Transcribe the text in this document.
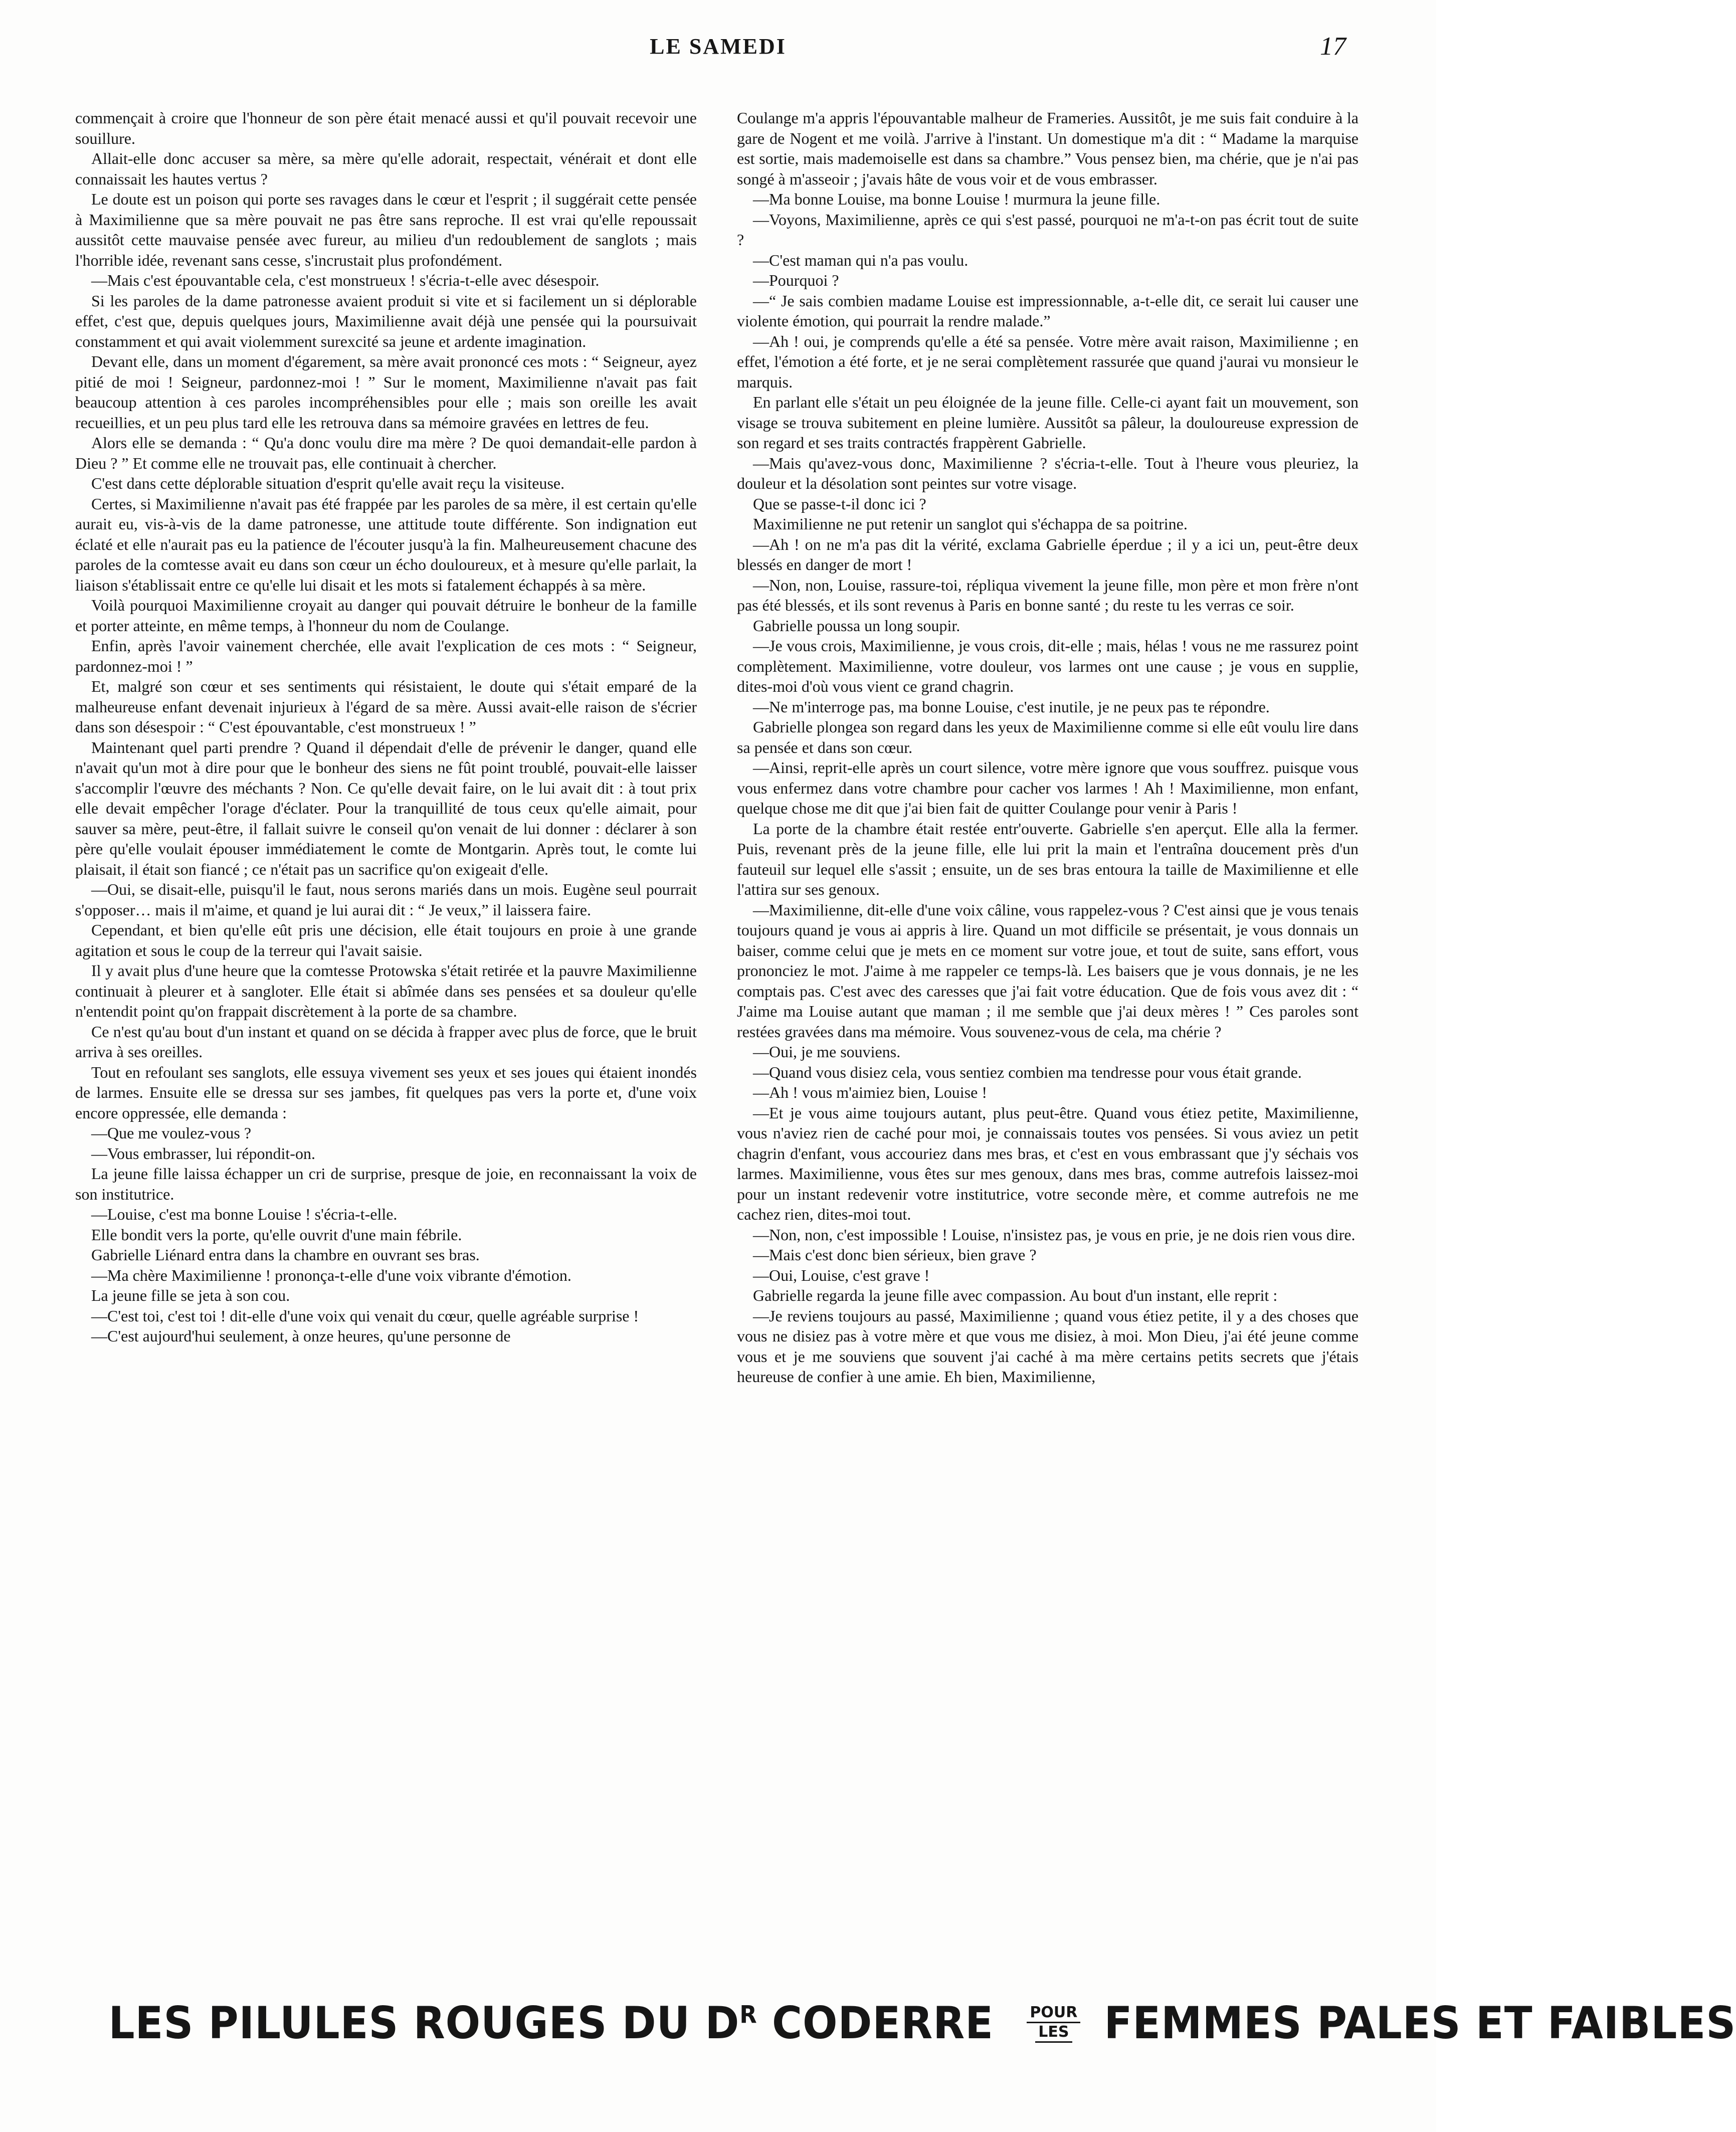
LE SAMEDI	17

commençait à croire que l'honneur de son père était menacé aussi et qu'il pouvait recevoir une souillure.

Allait-elle donc accuser sa mère, sa mère qu'elle adorait, respectait, vénérait et dont elle connaissait les hautes vertus ?

Le doute est un poison qui porte ses ravages dans le cœur et l'esprit ; il suggérait cette pensée à Maximilienne que sa mère pouvait ne pas être sans reproche. Il est vrai qu'elle repoussait aussitôt cette mauvaise pensée avec fureur, au milieu d'un redoublement de sanglots ; mais l'horrible idée, revenant sans cesse, s'incrustait plus profondément.

—Mais c'est épouvantable cela, c'est monstrueux ! s'écria-t-elle avec désespoir.

Si les paroles de la dame patronesse avaient produit si vite et si facilement un si déplorable effet, c'est que, depuis quelques jours, Maximilienne avait déjà une pensée qui la poursuivait constamment et qui avait violemment surexcité sa jeune et ardente imagination.

Devant elle, dans un moment d'égarement, sa mère avait prononcé ces mots : “ Seigneur, ayez pitié de moi ! Seigneur, pardonnez-moi ! ” Sur le moment, Maximilienne n'avait pas fait beaucoup attention à ces paroles incompréhensibles pour elle ; mais son oreille les avait recueillies, et un peu plus tard elle les retrouva dans sa mémoire gravées en lettres de feu.

Alors elle se demanda : “ Qu'a donc voulu dire ma mère ? De quoi demandait-elle pardon à Dieu ? ” Et comme elle ne trouvait pas, elle continuait à chercher.

C'est dans cette déplorable situation d'esprit qu'elle avait reçu la visiteuse.

Certes, si Maximilienne n'avait pas été frappée par les paroles de sa mère, il est certain qu'elle aurait eu, vis-à-vis de la dame patronesse, une attitude toute différente. Son indignation eut éclaté et elle n'aurait pas eu la patience de l'écouter jusqu'à la fin. Malheureusement chacune des paroles de la comtesse avait eu dans son cœur un écho douloureux, et à mesure qu'elle parlait, la liaison s'établissait entre ce qu'elle lui disait et les mots si fatalement échappés à sa mère.

Voilà pourquoi Maximilienne croyait au danger qui pouvait détruire le bonheur de la famille et porter atteinte, en même temps, à l'honneur du nom de Coulange.

Enfin, après l'avoir vainement cherchée, elle avait l'explication de ces mots : “ Seigneur, pardonnez-moi ! ”

Et, malgré son cœur et ses sentiments qui résistaient, le doute qui s'était emparé de la malheureuse enfant devenait injurieux à l'égard de sa mère. Aussi avait-elle raison de s'écrier dans son désespoir : “ C'est épouvantable, c'est monstrueux ! ”

Maintenant quel parti prendre ? Quand il dépendait d'elle de prévenir le danger, quand elle n'avait qu'un mot à dire pour que le bonheur des siens ne fût point troublé, pouvait-elle laisser s'accomplir l'œuvre des méchants ? Non. Ce qu'elle devait faire, on le lui avait dit : à tout prix elle devait empêcher l'orage d'éclater. Pour la tranquillité de tous ceux qu'elle aimait, pour sauver sa mère, peut-être, il fallait suivre le conseil qu'on venait de lui donner : déclarer à son père qu'elle voulait épouser immédiatement le comte de Montgarin. Après tout, le comte lui plaisait, il était son fiancé ; ce n'était pas un sacrifice qu'on exigeait d'elle.

—Oui, se disait-elle, puisqu'il le faut, nous serons mariés dans un mois. Eugène seul pourrait s'opposer… mais il m'aime, et quand je lui aurai dit : “ Je veux,” il laissera faire.

Cependant, et bien qu'elle eût pris une décision, elle était toujours en proie à une grande agitation et sous le coup de la terreur qui l'avait saisie.

Il y avait plus d'une heure que la comtesse Protowska s'était retirée et la pauvre Maximilienne continuait à pleurer et à sangloter. Elle était si abîmée dans ses pensées et sa douleur qu'elle n'entendit point qu'on frappait discrètement à la porte de sa chambre.

Ce n'est qu'au bout d'un instant et quand on se décida à frapper avec plus de force, que le bruit arriva à ses oreilles.

Tout en refoulant ses sanglots, elle essuya vivement ses yeux et ses joues qui étaient inondés de larmes. Ensuite elle se dressa sur ses jambes, fit quelques pas vers la porte et, d'une voix encore oppressée, elle demanda :

—Que me voulez-vous ?

—Vous embrasser, lui répondit-on.

La jeune fille laissa échapper un cri de surprise, presque de joie, en reconnaissant la voix de son institutrice.

—Louise, c'est ma bonne Louise ! s'écria-t-elle.

Elle bondit vers la porte, qu'elle ouvrit d'une main fébrile.

Gabrielle Liénard entra dans la chambre en ouvrant ses bras.

—Ma chère Maximilienne ! prononça-t-elle d'une voix vibrante d'émotion.

La jeune fille se jeta à son cou.

—C'est toi, c'est toi ! dit-elle d'une voix qui venait du cœur, quelle agréable surprise !

—C'est aujourd'hui seulement, à onze heures, qu'une personne de

Coulange m'a appris l'épouvantable malheur de Frameries. Aussitôt, je me suis fait conduire à la gare de Nogent et me voilà. J'arrive à l'instant. Un domestique m'a dit : “ Madame la marquise est sortie, mais mademoiselle est dans sa chambre.” Vous pensez bien, ma chérie, que je n'ai pas songé à m'asseoir ; j'avais hâte de vous voir et de vous embrasser.

—Ma bonne Louise, ma bonne Louise ! murmura la jeune fille.

—Voyons, Maximilienne, après ce qui s'est passé, pourquoi ne m'a-t-on pas écrit tout de suite ?

—C'est maman qui n'a pas voulu.

—Pourquoi ?

—“ Je sais combien madame Louise est impressionnable, a-t-elle dit, ce serait lui causer une violente émotion, qui pourrait la rendre malade.”

—Ah ! oui, je comprends qu'elle a été sa pensée. Votre mère avait raison, Maximilienne ; en effet, l'émotion a été forte, et je ne serai complètement rassurée que quand j'aurai vu monsieur le marquis.

En parlant elle s'était un peu éloignée de la jeune fille. Celle-ci ayant fait un mouvement, son visage se trouva subitement en pleine lumière. Aussitôt sa pâleur, la douloureuse expression de son regard et ses traits contractés frappèrent Gabrielle.

—Mais qu'avez-vous donc, Maximilienne ? s'écria-t-elle. Tout à l'heure vous pleuriez, la douleur et la désolation sont peintes sur votre visage.

Que se passe-t-il donc ici ?

Maximilienne ne put retenir un sanglot qui s'échappa de sa poitrine.

—Ah ! on ne m'a pas dit la vérité, exclama Gabrielle éperdue ; il y a ici un, peut-être deux blessés en danger de mort !

—Non, non, Louise, rassure-toi, répliqua vivement la jeune fille, mon père et mon frère n'ont pas été blessés, et ils sont revenus à Paris en bonne santé ; du reste tu les verras ce soir.

Gabrielle poussa un long soupir.

—Je vous crois, Maximilienne, je vous crois, dit-elle ; mais, hélas ! vous ne me rassurez point complètement. Maximilienne, votre douleur, vos larmes ont une cause ; je vous en supplie, dites-moi d'où vous vient ce grand chagrin.

—Ne m'interroge pas, ma bonne Louise, c'est inutile, je ne peux pas te répondre.

Gabrielle plongea son regard dans les yeux de Maximilienne comme si elle eût voulu lire dans sa pensée et dans son cœur.

—Ainsi, reprit-elle après un court silence, votre mère ignore que vous souffrez. puisque vous vous enfermez dans votre chambre pour cacher vos larmes ! Ah ! Maximilienne, mon enfant, quelque chose me dit que j'ai bien fait de quitter Coulange pour venir à Paris !

La porte de la chambre était restée entr'ouverte. Gabrielle s'en aperçut. Elle alla la fermer. Puis, revenant près de la jeune fille, elle lui prit la main et l'entraîna doucement près d'un fauteuil sur lequel elle s'assit ; ensuite, un de ses bras entoura la taille de Maximilienne et elle l'attira sur ses genoux.

—Maximilienne, dit-elle d'une voix câline, vous rappelez-vous ? C'est ainsi que je vous tenais toujours quand je vous ai appris à lire. Quand un mot difficile se présentait, je vous donnais un baiser, comme celui que je mets en ce moment sur votre joue, et tout de suite, sans effort, vous prononciez le mot. J'aime à me rappeler ce temps-là. Les baisers que je vous donnais, je ne les comptais pas. C'est avec des caresses que j'ai fait votre éducation. Que de fois vous avez dit : “ J'aime ma Louise autant que maman ; il me semble que j'ai deux mères ! ” Ces paroles sont restées gravées dans ma mémoire. Vous souvenez-vous de cela, ma chérie ?

—Oui, je me souviens.

—Quand vous disiez cela, vous sentiez combien ma tendresse pour vous était grande.

—Ah ! vous m'aimiez bien, Louise !

—Et je vous aime toujours autant, plus peut-être. Quand vous étiez petite, Maximilienne, vous n'aviez rien de caché pour moi, je connaissais toutes vos pensées. Si vous aviez un petit chagrin d'enfant, vous accouriez dans mes bras, et c'est en vous embrassant que j'y séchais vos larmes. Maximilienne, vous êtes sur mes genoux, dans mes bras, comme autrefois laissez-moi pour un instant redevenir votre institutrice, votre seconde mère, et comme autrefois ne me cachez rien, dites-moi tout.

—Non, non, c'est impossible ! Louise, n'insistez pas, je vous en prie, je ne dois rien vous dire.

—Mais c'est donc bien sérieux, bien grave ?

—Oui, Louise, c'est grave !

Gabrielle regarda la jeune fille avec compassion. Au bout d'un instant, elle reprit :

—Je reviens toujours au passé, Maximilienne ; quand vous étiez petite, il y a des choses que vous ne disiez pas à votre mère et que vous me disiez, à moi. Mon Dieu, j'ai été jeune comme vous et je me souviens que souvent j'ai caché à ma mère certains petits secrets que j'étais heureuse de confier à une amie. Eh bien, Maximilienne,

LES PILULES ROUGES DU $D^R$ CODERRE POUR
LES FEMMES PALES ET FAIBLES
